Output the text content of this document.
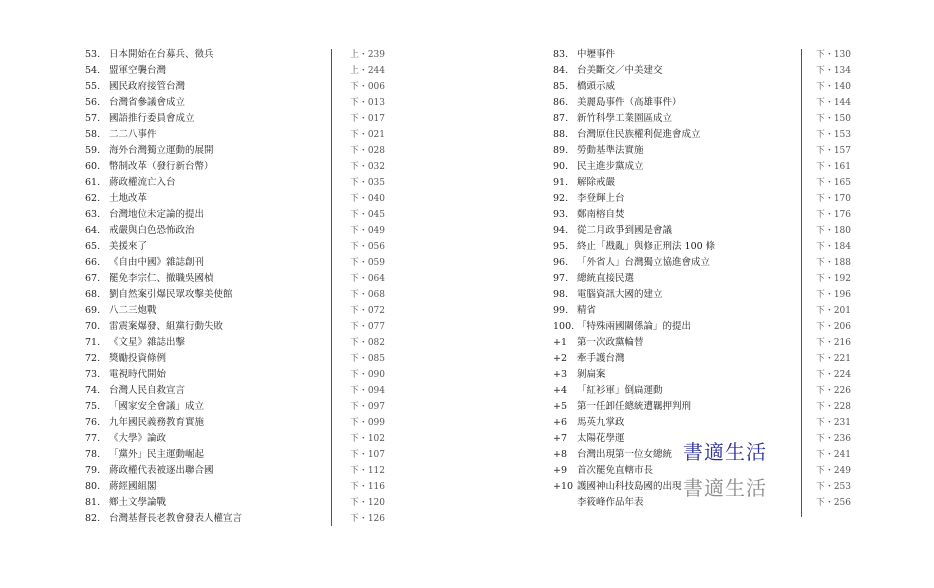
53. 日本開始在台募兵、徵兵	上・239
54. 盟軍空襲台灣	上・244
55. 國民政府接管台灣	下・006
56. 台灣省參議會成立	下・013
57. 國語推行委員會成立	下・017
58. 二二八事件	下・021
59. 海外台灣獨立運動的展開	下・028
60. 幣制改革（發行新台幣）	下・032
61. 蔣政權流亡入台	下・035
62. 土地改革	下・040
63. 台灣地位未定論的提出	下・045
64. 戒嚴與白色恐怖政治	下・049
65. 美援來了	下・056
66. 《自由中國》雜誌創刊	下・059
67. 罷免李宗仁、撤職吳國楨	下・064
68. 劉自然案引爆民眾攻擊美使館	下・068
69. 八二三炮戰	下・072
70. 雷震案爆發、組黨行動失敗	下・077
71. 《文星》雜誌出擊	下・082
72. 獎勵投資條例	下・085
73. 電視時代開始	下・090
74. 台灣人民自救宣言	下・094
75. 「國家安全會議」成立	下・097
76. 九年國民義務教育實施	下・099
77. 《大學》論政	下・102
78. 「黨外」民主運動崛起	下・107
79. 蔣政權代表被逐出聯合國	下・112
80. 蔣經國組閣	下・116
81. 鄉土文學論戰	下・120
82. 台灣基督長老教會發表人權宣言	下・126
83. 中壢事件	下・130
84. 台美斷交／中美建交	下・134
85. 橋頭示威	下・140
86. 美麗島事件（高雄事件）	下・144
87. 新竹科學工業園區成立	下・150
88. 台灣原住民族權利促進會成立	下・153
89. 勞動基準法實施	下・157
90. 民主進步黨成立	下・161
91. 解除戒嚴	下・165
92. 李登輝上台	下・170
93. 鄭南榕自焚	下・176
94. 從二月政爭到國是會議	下・180
95. 終止「戡亂」與修正刑法 100 條	下・184
96. 「外省人」台灣獨立協進會成立	下・188
97. 總統直接民選	下・192
98. 電腦資訊大國的建立	下・196
99. 精省	下・201
100. 「特殊兩國關係論」的提出	下・206
+1 第一次政黨輪替	下・216
+2 牽手護台灣	下・221
+3 剝扁案	下・224
+4 「紅衫軍」倒扁運動	下・226
+5 第一任卸任總統遭羈押判刑	下・228
+6 馬英九掌政	下・231
+7 太陽花學運	下・236
+8 台灣出現第一位女總統	下・241
+9 首次罷免直轄市長	下・249
+10 護國神山科技島國的出現	下・253
李筱峰作品年表	下・256
書適生活
書適生活
